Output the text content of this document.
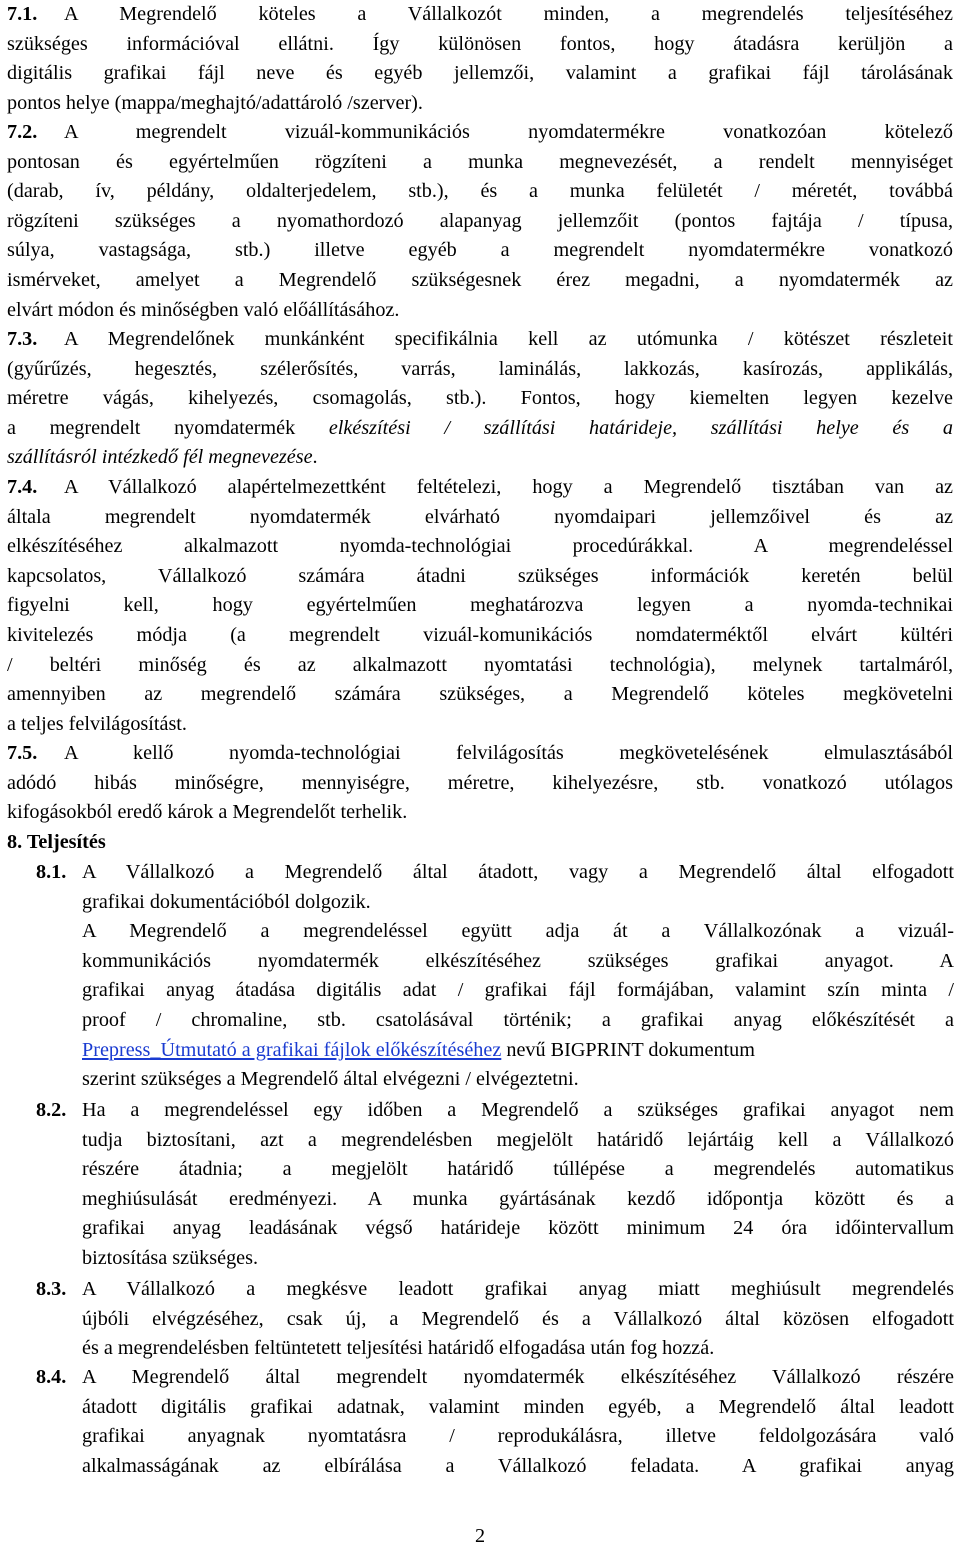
7.1.	A Megrendelő köteles a Vállalkozót minden, a megrendelés teljesítéséhez
szükséges információval ellátni. Így különösen fontos, hogy átadásra kerüljön a
digitális grafikai fájl neve és egyéb jellemzői, valamint a grafikai fájl tárolásának
pontos helye (mappa/meghajtó/adattároló /szerver).
7.2.	A megrendelt vizuál-kommunikációs nyomdatermékre vonatkozóan kötelező
pontosan és egyértelműen rögzíteni a munka megnevezését, a rendelt mennyiséget
(darab, ív, példány, oldalterjedelem, stb.), és a munka felületét / méretét, továbbá
rögzíteni szükséges a nyomathordozó alapanyag jellemzőit (pontos fajtája / típusa,
súlya, vastagsága, stb.) illetve egyéb a megrendelt nyomdatermékre vonatkozó
ismérveket, amelyet a Megrendelő szükségesnek érez megadni, a nyomdatermék az
elvárt módon és minőségben való előállításához.
7.3.	A Megrendelőnek munkánként specifikálnia kell az utómunka / kötészet részleteit
(gyűrűzés, hegesztés, szélerősítés, varrás, laminálás, lakkozás, kasírozás, applikálás,
méretre vágás, kihelyezés, csomagolás, stb.). Fontos, hogy kiemelten legyen kezelve
a megrendelt nyomdatermék elkészítési / szállítási határideje, szállítási helye és a
szállításról intézkedő fél megnevezése.
7.4.	A Vállalkozó alapértelmezettként feltételezi, hogy a Megrendelő tisztában van az
általa megrendelt nyomdatermék elvárható nyomdaipari jellemzőivel és az
elkészítéséhez alkalmazott nyomda-technológiai procedúrákkal. A megrendeléssel
kapcsolatos, Vállalkozó számára átadni szükséges információk keretén belül
figyelni kell, hogy egyértelműen meghatározva legyen a nyomda-technikai
kivitelezés módja (a megrendelt vizuál-komunikációs nomdaterméktől elvárt kültéri
/ beltéri minőség és az alkalmazott nyomtatási technológia), melynek tartalmáról,
amennyiben az megrendelő számára szükséges, a Megrendelő köteles megkövetelni
a teljes felvilágosítást.
7.5.	A kellő nyomda-technológiai felvilágosítás megkövetelésének elmulasztásából
adódó hibás minőségre, mennyiségre, méretre, kihelyezésre, stb. vonatkozó utólagos
kifogásokból eredő károk a Megrendelőt terhelik.
8. Teljesítés
8.1. A Vállalkozó a Megrendelő által átadott, vagy a Megrendelő által elfogadott
grafikai dokumentációból dolgozik.
A Megrendelő a megrendeléssel együtt adja át a Vállalkozónak a vizuál-
kommunikációs nyomdatermék elkészítéséhez szükséges grafikai anyagot. A
grafikai anyag átadása digitális adat / grafikai fájl formájában, valamint szín minta /
proof / chromaline, stb. csatolásával történik; a grafikai anyag előkészítését a
Prepress_Útmutató a grafikai fájlok előkészítéséhez nevű BIGPRINT dokumentum
szerint szükséges a Megrendelő által elvégezni / elvégeztetni.
8.2. Ha a megrendeléssel egy időben a Megrendelő a szükséges grafikai anyagot nem
tudja biztosítani, azt a megrendelésben megjelölt határidő lejártáig kell a Vállalkozó
részére átadnia; a megjelölt határidő túllépése a megrendelés automatikus
meghiúsulását eredményezi. A munka gyártásának kezdő időpontja között és a
grafikai anyag leadásának végső határideje között minimum 24 óra időintervallum
biztosítása szükséges.
8.3. A Vállalkozó a megkésve leadott grafikai anyag miatt meghiúsult megrendelés
újbóli elvégzéséhez, csak új, a Megrendelő és a Vállalkozó által közösen elfogadott
és a megrendelésben feltüntetett teljesítési határidő elfogadása után fog hozzá.
8.4. A Megrendelő által megrendelt nyomdatermék elkészítéséhez Vállalkozó részére
átadott digitális grafikai adatnak, valamint minden egyéb, a Megrendelő által leadott
grafikai anyagnak nyomtatásra / reprodukálásra, illetve feldolgozására való
alkalmasságának az elbírálása a Vállalkozó feladata. A grafikai anyag
2
